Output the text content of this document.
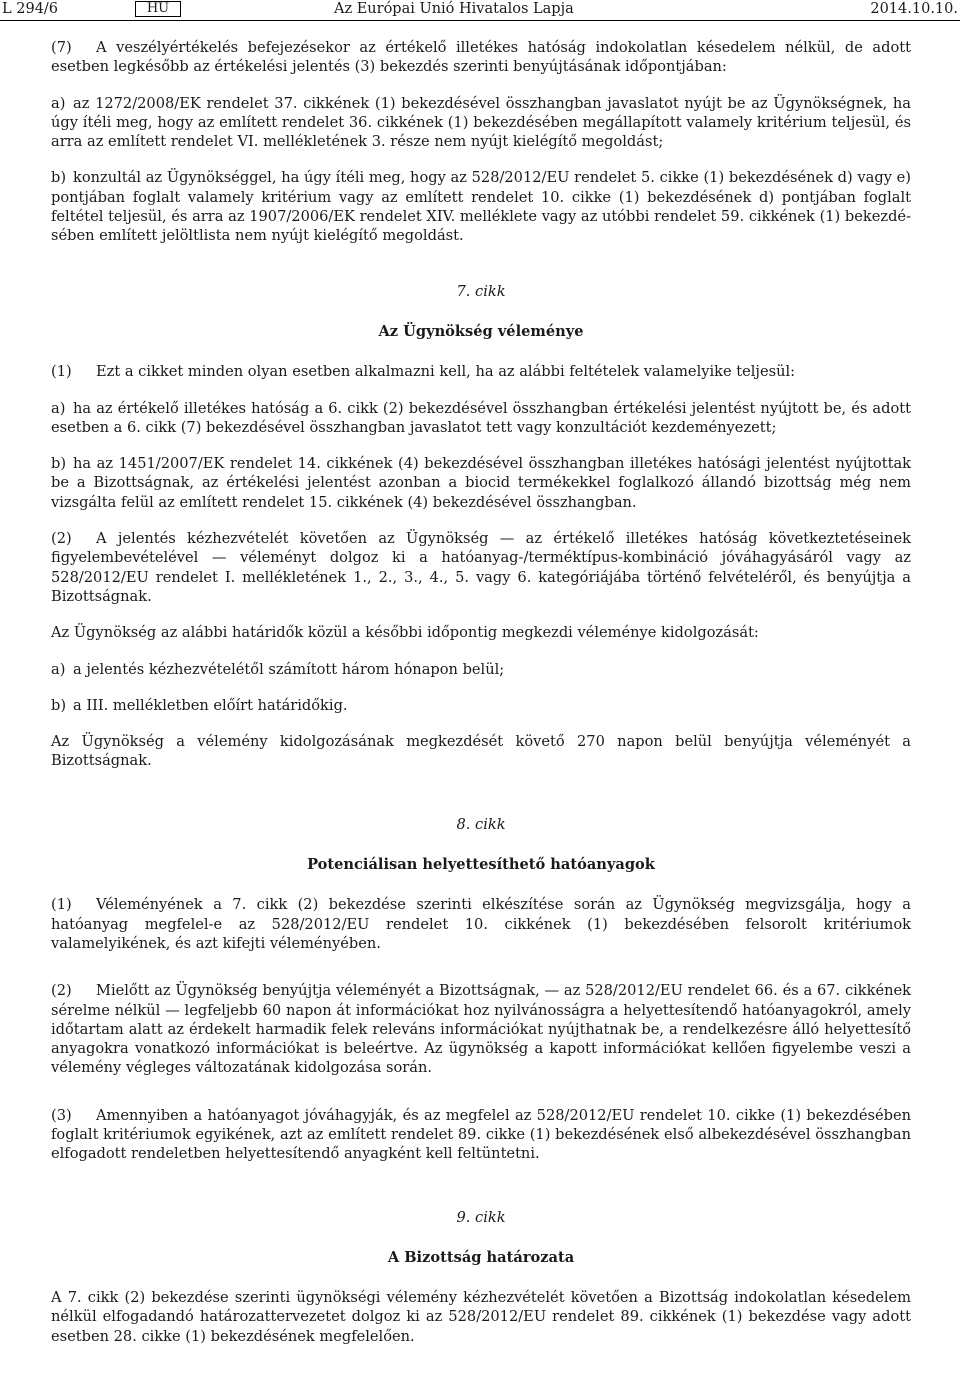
L 294/6	HU	Az Európai Unió Hivatalos Lapja	2014.10.10.

(7) A veszélyértékelés befejezésekor az értékelő illetékes hatóság indokolatlan késedelem nélkül, de adott esetben legkésőbb az értékelési jelentés (3) bekezdés szerinti benyújtásának időpontjában:

a) az 1272/2008/EK rendelet 37. cikkének (1) bekezdésével összhangban javaslatot nyújt be az Ügynökségnek, ha úgy ítéli meg, hogy az említett rendelet 36. cikkének (1) bekezdésében megállapított valamely kritérium teljesül, és arra az említett rendelet VI. mellékletének 3. része nem nyújt kielégítő megoldást;

b) konzultál az Ügynökséggel, ha úgy ítéli meg, hogy az 528/2012/EU rendelet 5. cikke (1) bekezdésének d) vagy e) pontjában foglalt valamely kritérium vagy az említett rendelet 10. cikke (1) bekezdésének d) pontjában foglalt feltétel teljesül, és arra az 1907/2006/EK rendelet XIV. melléklete vagy az utóbbi rendelet 59. cikkének (1) bekezdésében említett jelöltlista nem nyújt kielégítő megoldást.

7. cikk

Az Ügynökség véleménye

(1) Ezt a cikket minden olyan esetben alkalmazni kell, ha az alábbi feltételek valamelyike teljesül:

a) ha az értékelő illetékes hatóság a 6. cikk (2) bekezdésével összhangban értékelési jelentést nyújtott be, és adott esetben a 6. cikk (7) bekezdésével összhangban javaslatot tett vagy konzultációt kezdeményezett;

b) ha az 1451/2007/EK rendelet 14. cikkének (4) bekezdésével összhangban illetékes hatósági jelentést nyújtottak be a Bizottságnak, az értékelési jelentést azonban a biocid termékekkel foglalkozó állandó bizottság még nem vizsgálta felül az említett rendelet 15. cikkének (4) bekezdésével összhangban.

(2) A jelentés kézhezvételét követően az Ügynökség — az értékelő illetékes hatóság következtetéseinek figyelembevételével — véleményt dolgoz ki a hatóanyag-/terméktípus-kombináció jóváhagyásáról vagy az 528/2012/EU rendelet I. mellékletének 1., 2., 3., 4., 5. vagy 6. kategóriájába történő felvételéről, és benyújtja a Bizottságnak.

Az Ügynökség az alábbi határidők közül a későbbi időpontig megkezdi véleménye kidolgozását:

a) a jelentés kézhezvételétől számított három hónapon belül;

b) a III. mellékletben előírt határidőkig.

Az Ügynökség a vélemény kidolgozásának megkezdését követő 270 napon belül benyújtja véleményét a Bizottságnak.

8. cikk

Potenciálisan helyettesíthető hatóanyagok

(1) Véleményének a 7. cikk (2) bekezdése szerinti elkészítése során az Ügynökség megvizsgálja, hogy a hatóanyag megfelel-e az 528/2012/EU rendelet 10. cikkének (1) bekezdésében felsorolt kritériumok valamelyikének, és azt kifejti véleményében.

(2) Mielőtt az Ügynökség benyújtja véleményét a Bizottságnak, — az 528/2012/EU rendelet 66. és a 67. cikkének sérelme nélkül — legfeljebb 60 napon át információkat hoz nyilvánosságra a helyettesítendő hatóanyagokról, amely időtartam alatt az érdekelt harmadik felek releváns információkat nyújthatnak be, a rendelkezésre álló helyettesítő anyagokra vonatkozó információkat is beleértve. Az ügynökség a kapott információkat kellően figyelembe veszi a vélemény végleges változatának kidolgozása során.

(3) Amennyiben a hatóanyagot jóváhagyják, és az megfelel az 528/2012/EU rendelet 10. cikke (1) bekezdésében foglalt kritériumok egyikének, azt az említett rendelet 89. cikke (1) bekezdésének első albekezdésével összhangban elfogadott rendeletben helyettesítendő anyagként kell feltüntetni.

9. cikk

A Bizottság határozata

A 7. cikk (2) bekezdése szerinti ügynökségi vélemény kézhezvételét követően a Bizottság indokolatlan késedelem nélkül elfogadandó határozattervezetet dolgoz ki az 528/2012/EU rendelet 89. cikkének (1) bekezdése vagy adott esetben 28. cikke (1) bekezdésének megfelelően.
